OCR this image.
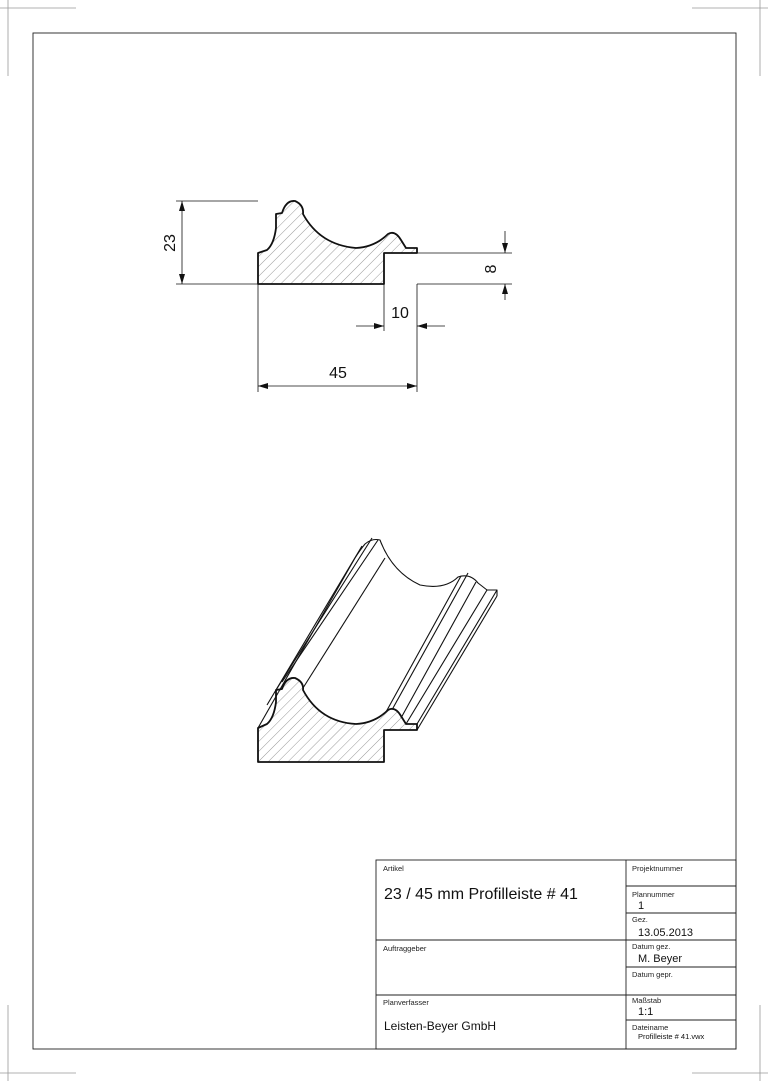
23
8
10
45
Artikel
23 / 45 mm Profilleiste # 41
Projektnummer
Plannummer
1
Gez.
13.05.2013
Auftraggeber	Datum gez.
M. Beyer
Datum gepr.
Planverfasser
Leisten-Beyer GmbH
Maßstab
1:1
Dateiname
Profilleiste # 41.vwx
